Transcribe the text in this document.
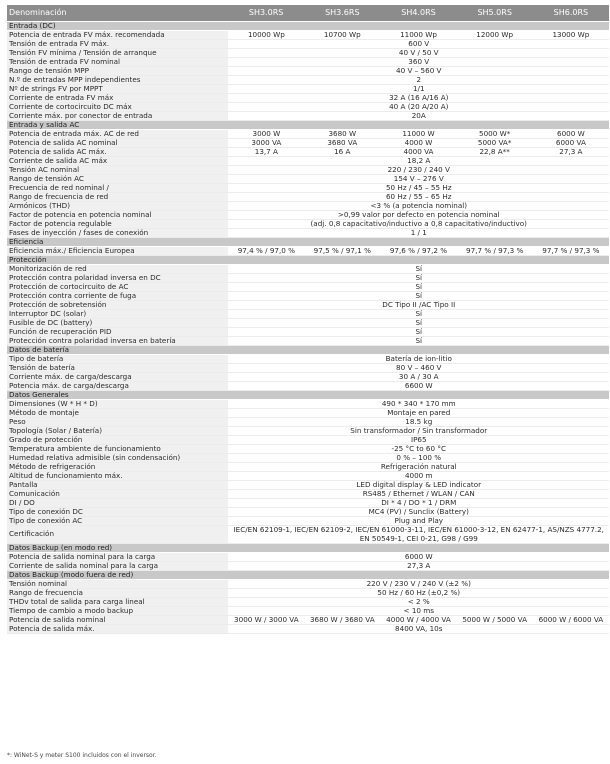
Denominación	SH3.0RS	SH3.6RS	SH4.0RS	SH5.0RS	SH6.0RS
Entrada (DC)					
Potencia de entrada FV máx. recomendada	10000 Wp	10700 Wp	11000 Wp	12000 Wp	13000 Wp
Tensión de entrada FV máx.	600 V				
Tensión FV mínima / Tensión de arranque	40 V / 50 V				
Tensión de entrada FV nominal	360 V				
Rango de tensión MPP	40 V – 560 V				
N.º de entradas MPP independientes	2				
Nº de strings FV por MPPT	1/1				
Corriente de entrada FV máx	32 A (16 A/16 A)				
Corriente de cortocircuito DC máx	40 A (20 A/20 A)				
Corriente máx. por conector de entrada	20A				
Entrada y salida AC					
Potencia de entrada máx. AC de red	3000 W	3680 W	11000 W	5000 W*	6000 W
Potencia de salida AC nominal	3000 VA	3680 VA	4000 W	5000 VA*	6000 VA
Potencia de salida AC máx.	13,7 A	16 A	4000 VA	22,8 A**	27,3 A
Corriente de salida AC máx	18,2 A				
Tensión AC nominal	220 / 230 / 240 V				
Rango de tensión AC	154 V – 276 V				
Frecuencia de red nominal /	50 Hz / 45 – 55 Hz				
Rango de frecuencia de red	60 Hz / 55 – 65 Hz				
Armónicos (THD)	<3 % (a potencia nominal)				
Factor de potencia en potencia nominal	>0,99 valor por defecto en potencia nominal				
Factor de potencia regulable	(adj. 0,8 capacitativo/inductivo a 0,8 capacitativo/inductivo)				
Fases de inyección / fases de conexión	1 / 1				
Eficiencia					
Eficiencia máx./ Eficiencia Europea	97,4 % / 97,0 %	97,5 % / 97,1 %	97,6 % / 97,2 %	97,7 % / 97,3 %	97,7 % / 97,3 %
Protección					
Monitorización de red	Sí				
Protección contra polaridad inversa en DC	Sí				
Protección de cortocircuito de AC	Sí				
Protección contra corriente de fuga	Sí				
Protección de sobretensión	DC Tipo II /AC Tipo II				
Interruptor DC (solar)	Sí				
Fusible de DC (battery)	Sí				
Función de recuperación PID	Sí				
Protección contra polaridad inversa en batería	Sí				
Datos de batería					
Tipo de batería	Batería de ion-litio				
Tensión de batería	80 V – 460 V				
Corriente máx. de carga/descarga	30 A / 30 A				
Potencia máx. de carga/descarga	6600 W				
Datos Generales					
Dimensiones (W * H * D)	490 * 340 * 170 mm				
Método de montaje	Montaje en pared				
Peso	18.5 kg				
Topología (Solar / Batería)	Sin transformador / Sin transformador				
Grado de protección	IP65				
Temperatura ambiente de funcionamiento	-25 °C to 60 °C				
Humedad relativa admisible (sin condensación)	0 % – 100 %				
Método de refrigeración	Refrigeración natural				
Altitud de funcionamiento máx.	4000 m				
Pantalla	LED digital display & LED indicator				
Comunicación	RS485 / Ethernet / WLAN / CAN				
DI / DO	DI * 4 / DO * 1 / DRM				
Tipo de conexión DC	MC4 (PV) / Sunclix (Battery)				
Tipo de conexión AC	Plug and Play				
Certificación	IEC/EN 62109-1, IEC/EN 62109-2, IEC/EN 61000-3-11, IEC/EN 61000-3-12, EN 62477-1, AS/NZS 4777.2, EN 50549-1, CEI 0-21, G98 / G99				
Datos Backup (en modo red)					
Potencia de salida nominal para la carga	6000 W				
Corriente de salida nominal para la carga	27,3 A				
Datos Backup (modo fuera de red)					
Tensión nominal	220 V / 230 V / 240 V (±2 %)				
Rango de frecuencia	50 Hz / 60 Hz (±0,2 %)				
THDv total de salida para carga lineal	< 2 %				
Tiempo de cambio a modo backup	< 10 ms				
Potencia de salida nominal	3000 W / 3000 VA	3680 W / 3680 VA	4000 W / 4000 VA	5000 W / 5000 VA	6000 W / 6000 VA
Potencia de salida máx.	8400 VA, 10s				
*: WiNet-S y meter S100 incluidos con el inversor.
